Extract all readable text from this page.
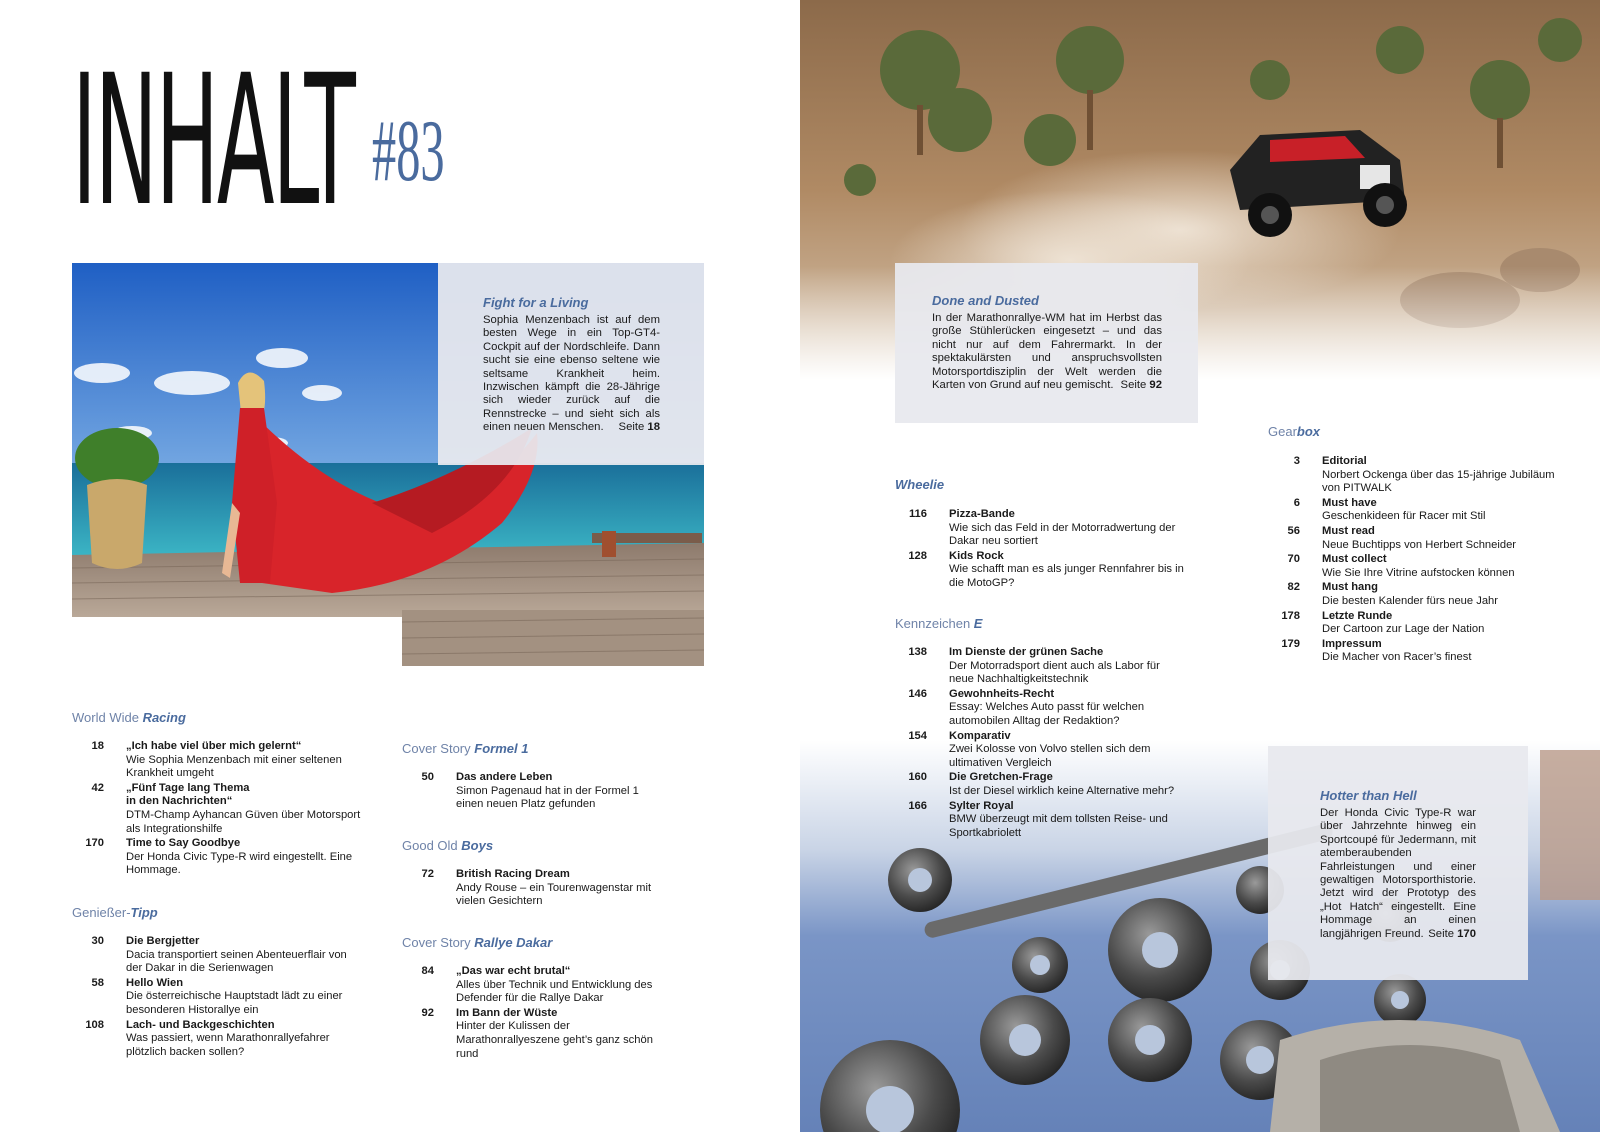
INHALT #83
Fight for a Living
Sophia Menzenbach ist auf dem besten Wege in ein Top-GT4-Cockpit auf der Nordschleife. Dann sucht sie eine ebenso seltene wie seltsame Krankheit heim. Inzwischen kämpft die 28-Jährige sich wieder zurück auf die Rennstrecke – und sieht sich als einen neuen Menschen. Seite 18
Done and Dusted
In der Marathonrallye-WM hat im Herbst das große Stühlerücken eingesetzt – und das nicht nur auf dem Fahrermarkt. In der spektakulärsten und anspruchsvollsten Motorsportdisziplin der Welt werden die Karten von Grund auf neu gemischt. Seite 92
Hotter than Hell
Der Honda Civic Type-R war über Jahrzehnte hinweg ein Sportcoupé für Jedermann, mit atemberaubenden Fahrleistungen und einer gewaltigen Motorsporthistorie. Jetzt wird der Prototyp des „Hot Hatch“ eingestellt. Eine Hommage an einen langjährigen Freund. Seite 170
World Wide Racing
18	„Ich habe viel über mich gelernt“
Wie Sophia Menzenbach mit einer seltenen Krankheit umgeht
42	„Fünf Tage lang Thema in den Nachrichten“
DTM-Champ Ayhancan Güven über Motorsport als Integrationshilfe
170	Time to Say Goodbye
Der Honda Civic Type-R wird eingestellt. Eine Hommage.
Genießer-Tipp
30	Die Bergjetter
Dacia transportiert seinen Abenteuerflair von der Dakar in die Serienwagen
58	Hello Wien
Die österreichische Hauptstadt lädt zu einer besonderen Historallye ein
108	Lach- und Backgeschichten
Was passiert, wenn Marathonrallyefahrer plötzlich backen sollen?
Cover Story Formel 1
50	Das andere Leben
Simon Pagenaud hat in der Formel 1 einen neuen Platz gefunden
Good Old Boys
72	British Racing Dream
Andy Rouse – ein Tourenwagenstar mit vielen Gesichtern
Cover Story Rallye Dakar
84	„Das war echt brutal“
Alles über Technik und Entwicklung des Defender für die Rallye Dakar
92	Im Bann der Wüste
Hinter der Kulissen der Marathonrallyeszene geht’s ganz schön rund
Wheelie
116	Pizza-Bande
Wie sich das Feld in der Motorradwertung der Dakar neu sortiert
128	Kids Rock
Wie schafft man es als junger Rennfahrer bis in die MotoGP?
Kennzeichen E
138	Im Dienste der grünen Sache
Der Motorradsport dient auch als Labor für neue Nachhaltigkeitstechnik
146	Gewohnheits-Recht
Essay: Welches Auto passt für welchen automobilen Alltag der Redaktion?
154	Komparativ
Zwei Kolosse von Volvo stellen sich dem ultimativen Vergleich
160	Die Gretchen-Frage
Ist der Diesel wirklich keine Alternative mehr?
166	Sylter Royal
BMW überzeugt mit dem tollsten Reise- und Sportkabriolett
Gearbox
3	Editorial
Norbert Ockenga über das 15-jährige Jubiläum von PITWALK
6	Must have
Geschenkideen für Racer mit Stil
56	Must read
Neue Buchtipps von Herbert Schneider
70	Must collect
Wie Sie Ihre Vitrine aufstocken können
82	Must hang
Die besten Kalender fürs neue Jahr
178	Letzte Runde
Der Cartoon zur Lage der Nation
179	Impressum
Die Macher von Racer’s finest
